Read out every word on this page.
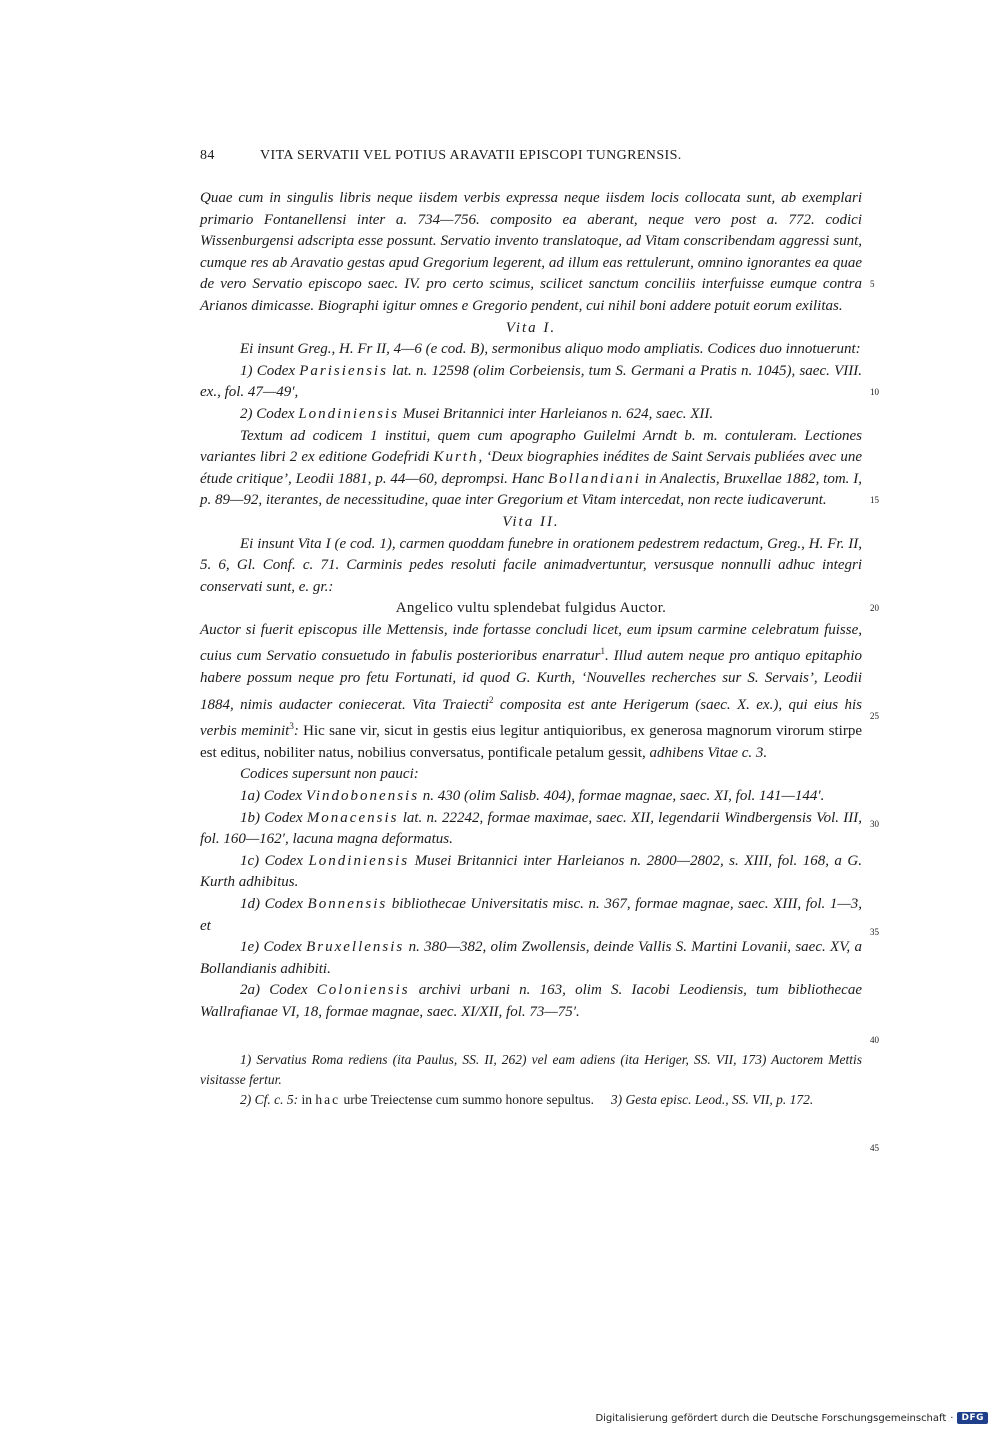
84	VITA SERVATII VEL POTIUS ARAVATII EPISCOPI TUNGRENSIS.
5
10
15
20
25
30
35
40
45

Quae cum in singulis libris neque iisdem verbis expressa neque iisdem locis collocata sunt, ab exemplari primario Fontanellensi inter a. 734—756. composito ea aberant, neque vero post a. 772. codici Wissenburgensi adscripta esse possunt. Servatio invento translatoque, ad Vitam conscribendam aggressi sunt, cumque res ab Aravatio gestas apud Gregorium legerent, ad illum eas rettulerunt, omnino ignorantes ea quae de vero Servatio episcopo saec. IV. pro certo scimus, scilicet sanctum conciliis interfuisse eumque contra Arianos dimicasse. Biographi igitur omnes e Gregorio pendent, cui nihil boni addere potuit eorum exilitas.

Vita I.

Ei insunt Greg., H. Fr II, 4—6 (e cod. B), sermonibus aliquo modo ampliatis. Codices duo innotuerunt:

1) Codex Parisiensis lat. n. 12598 (olim Corbeiensis, tum S. Germani a Pratis n. 1045), saec. VIII. ex., fol. 47—49′,

2) Codex Londiniensis Musei Britannici inter Harleianos n. 624, saec. XII.

Textum ad codicem 1 institui, quem cum apographo Guilelmi Arndt b. m. contuleram. Lectiones variantes libri 2 ex editione Godefridi Kurth, ‘Deux biographies inédites de Saint Servais publiées avec une étude critique’, Leodii 1881, p. 44—60, deprompsi. Hanc Bollandiani in Analectis, Bruxellae 1882, tom. I, p. 89—92, iterantes, de necessitudine, quae inter Gregorium et Vitam intercedat, non recte iudicaverunt.

Vita II.

Ei insunt Vita I (e cod. 1), carmen quoddam funebre in orationem pedestrem redactum, Greg., H. Fr. II, 5. 6, Gl. Conf. c. 71. Carminis pedes resoluti facile animadvertuntur, versusque nonnulli adhuc integri conservati sunt, e. gr.:

Angelico vultu splendebat fulgidus Auctor.

Auctor si fuerit episcopus ille Mettensis, inde fortasse concludi licet, eum ipsum carmine celebratum fuisse, cuius cum Servatio consuetudo in fabulis posterioribus enarratur$^1$. Illud autem neque pro antiquo epitaphio habere possum neque pro fetu Fortunati, id quod G. Kurth, ‘Nouvelles recherches sur S. Servais’, Leodii 1884, nimis audacter coniecerat. Vita Traiecti$^2$ composita est ante Herigerum (saec. X. ex.), qui eius his verbis meminit$^3$: Hic sane vir, sicut in gestis eius legitur antiquioribus, ex generosa magnorum virorum stirpe est editus, nobiliter natus, nobilius conversatus, pontificale petalum gessit, adhibens Vitae c. 3.

Codices supersunt non pauci:

1a) Codex Vindobonensis n. 430 (olim Salisb. 404), formae magnae, saec. XI, fol. 141—144′.

1b) Codex Monacensis lat. n. 22242, formae maximae, saec. XII, legendarii Windbergensis Vol. III, fol. 160—162′, lacuna magna deformatus.

1c) Codex Londiniensis Musei Britannici inter Harleianos n. 2800—2802, s. XIII, fol. 168, a G. Kurth adhibitus.

1d) Codex Bonnensis bibliothecae Universitatis misc. n. 367, formae magnae, saec. XIII, fol. 1—3, et

1e) Codex Bruxellensis n. 380—382, olim Zwollensis, deinde Vallis S. Martini Lovanii, saec. XV, a Bollandianis adhibiti.

2a) Codex Coloniensis archivi urbani n. 163, olim S. Iacobi Leodiensis, tum bibliothecae Wallrafianae VI, 18, formae magnae, saec. XI/XII, fol. 73—75′.

1) Servatius Roma rediens (ita Paulus, SS. II, 262) vel eam adiens (ita Heriger, SS. VII, 173) Auctorem Mettis visitasse fertur.

2) Cf. c. 5: in hac urbe Treiectense cum summo honore sepultus. 3) Gesta episc. Leod., SS. VII, p. 172.

Digitalisierung gefördert durch die Deutsche Forschungsgemeinschaft · DFG
